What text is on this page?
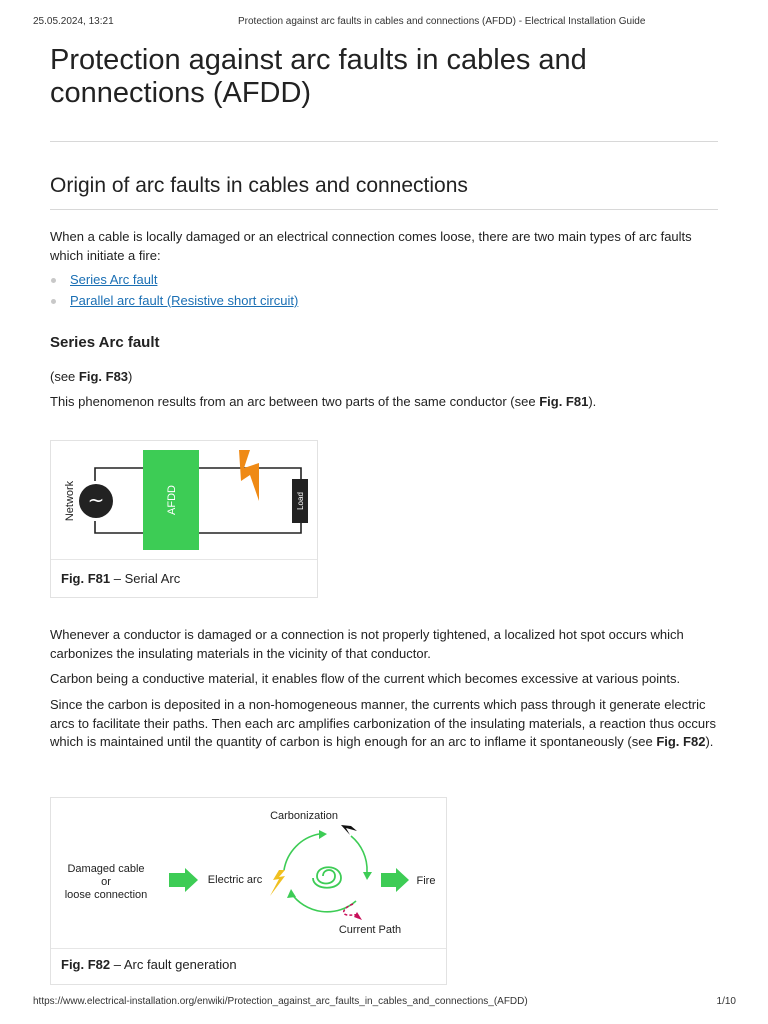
25.05.2024, 13:21	Protection against arc faults in cables and connections (AFDD) - Electrical Installation Guide
Protection against arc faults in cables and connections (AFDD)
Origin of arc faults in cables and connections

When a cable is locally damaged or an electrical connection comes loose, there are two main types of arc faults which initiate a fire:

Series Arc fault
Parallel arc fault (Resistive short circuit)
Series Arc fault

(see Fig. F83)

This phenomenon results from an arc between two parts of the same conductor (see Fig. F81).

~
Network	AFDD	Load
Fig. F81 – Serial Arc

Whenever a conductor is damaged or a connection is not properly tightened, a localized hot spot occurs which carbonizes the insulating materials in the vicinity of that conductor.

Carbon being a conductive material, it enables flow of the current which becomes excessive at various points.

Since the carbon is deposited in a non-homogeneous manner, the currents which pass through it generate electric arcs to facilitate their paths. Then each arc amplifies carbonization of the insulating materials, a reaction thus occurs which is maintained until the quantity of carbon is high enough for an arc to inflame it spontaneously (see Fig. F82).

Damaged cable
or
loose connection
Electric arc
Carbonization
Fire
Current Path
Fig. F82 – Arc fault generation
https://www.electrical-installation.org/enwiki/Protection_against_arc_faults_in_cables_and_connections_(AFDD)	1/10
